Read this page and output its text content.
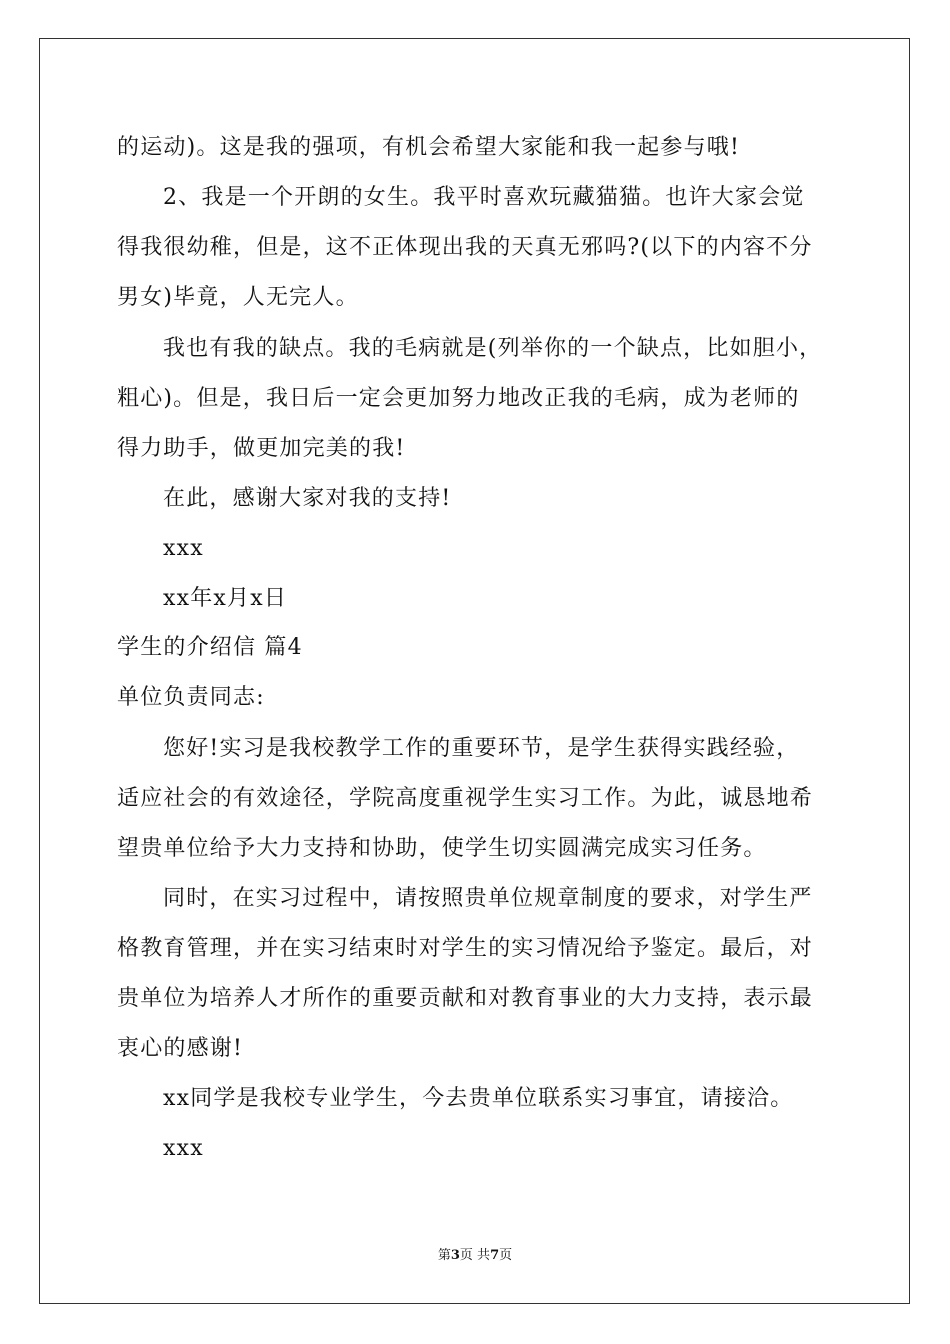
的运动)。这是我的强项，有机会希望大家能和我一起参与哦!
2、我是一个开朗的女生。我平时喜欢玩藏猫猫。也许大家会觉
得我很幼稚，但是，这不正体现出我的天真无邪吗?(以下的内容不分
男女)毕竟，人无完人。
我也有我的缺点。我的毛病就是(列举你的一个缺点，比如胆小，
粗心)。但是，我日后一定会更加努力地改正我的毛病，成为老师的
得力助手，做更加完美的我!
在此，感谢大家对我的支持!
xxx
xx年x月x日
学生的介绍信 篇4
单位负责同志:
您好!实习是我校教学工作的重要环节，是学生获得实践经验，
适应社会的有效途径，学院高度重视学生实习工作。为此，诚恳地希
望贵单位给予大力支持和协助，使学生切实圆满完成实习任务。
同时，在实习过程中，请按照贵单位规章制度的要求，对学生严
格教育管理，并在实习结束时对学生的实习情况给予鉴定。最后，对
贵单位为培养人才所作的重要贡献和对教育事业的大力支持，表示最
衷心的感谢!
xx同学是我校专业学生，今去贵单位联系实习事宜，请接洽。
xxx
第3页 共7页
